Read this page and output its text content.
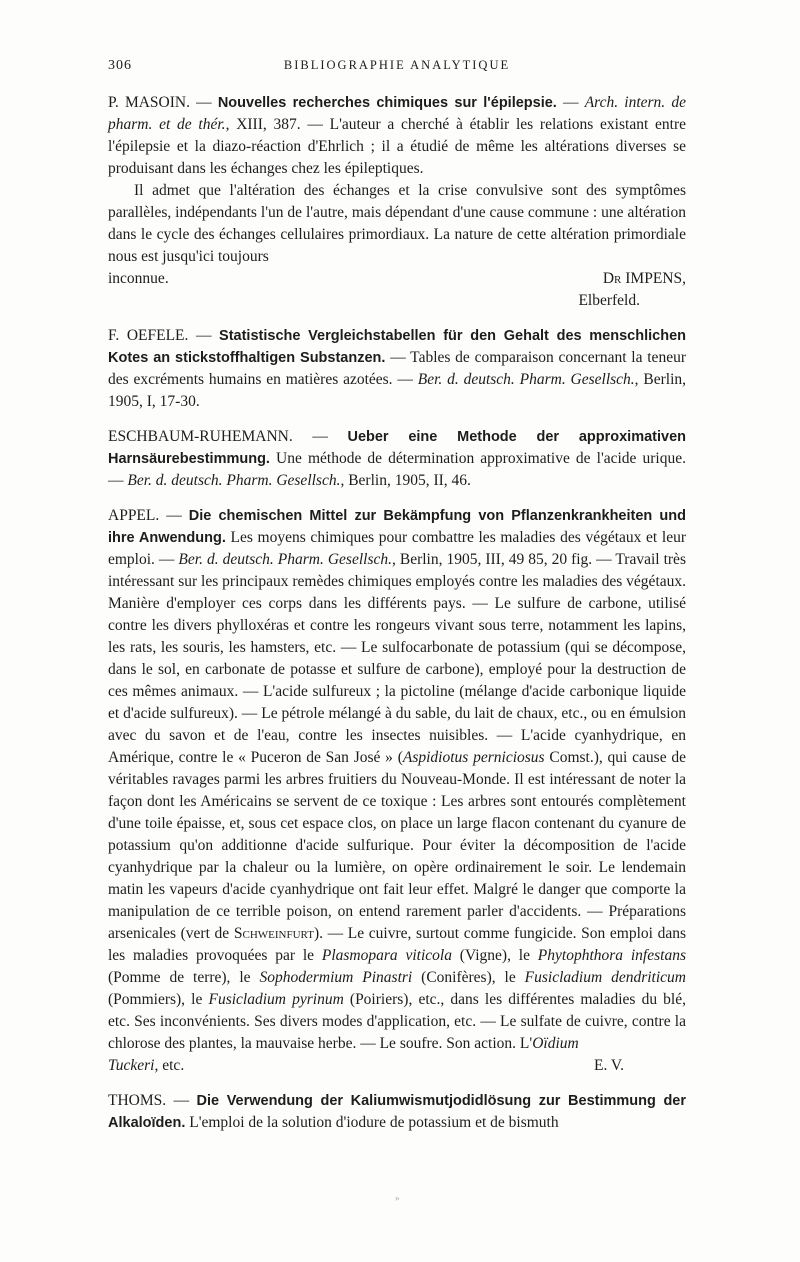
306	BIBLIOGRAPHIE ANALYTIQUE

P. MASOIN. — Nouvelles recherches chimiques sur l'épilepsie. — Arch. intern. de pharm. et de thér., XIII, 387. — L'auteur a cherché à établir les relations existant entre l'épilepsie et la diazo-réaction d'Ehrlich ; il a étudié de même les altérations diverses se produisant dans les échanges chez les épileptiques.

Il admet que l'altération des échanges et la crise convulsive sont des symptômes parallèles, indépendants l'un de l'autre, mais dépendant d'une cause commune : une altération dans le cycle des échanges cellulaires primordiaux. La nature de cette altération primordiale nous est jusqu'ici toujours

inconnue.	Dr IMPENS,
Elberfeld.

F. OEFELE. — Statistische Vergleichstabellen für den Gehalt des menschlichen Kotes an stickstoffhaltigen Substanzen. — Tables de comparaison concernant la teneur des excréments humains en matières azotées. — Ber. d. deutsch. Pharm. Gesellsch., Berlin, 1905, I, 17-30.

ESCHBAUM-RUHEMANN. — Ueber eine Methode der approximativen Harnsäurebestimmung. Une méthode de détermination approximative de l'acide urique. — Ber. d. deutsch. Pharm. Gesellsch., Berlin, 1905, II, 46.

APPEL. — Die chemischen Mittel zur Bekämpfung von Pflanzenkrankheiten und ihre Anwendung. Les moyens chimiques pour combattre les maladies des végétaux et leur emploi. — Ber. d. deutsch. Pharm. Gesellsch., Berlin, 1905, III, 49 85, 20 fig. — Travail très intéressant sur les principaux remèdes chimiques employés contre les maladies des végétaux. Manière d'employer ces corps dans les différents pays. — Le sulfure de carbone, utilisé contre les divers phylloxéras et contre les rongeurs vivant sous terre, notamment les lapins, les rats, les souris, les hamsters, etc. — Le sulfocarbonate de potassium (qui se décompose, dans le sol, en carbonate de potasse et sulfure de carbone), employé pour la destruction de ces mêmes animaux. — L'acide sulfureux ; la pictoline (mélange d'acide carbonique liquide et d'acide sulfureux). — Le pétrole mélangé à du sable, du lait de chaux, etc., ou en émulsion avec du savon et de l'eau, contre les insectes nuisibles. — L'acide cyanhydrique, en Amérique, contre le « Puceron de San José » (Aspidiotus perniciosus Comst.), qui cause de véritables ravages parmi les arbres fruitiers du Nouveau-Monde. Il est intéressant de noter la façon dont les Américains se servent de ce toxique : Les arbres sont entourés complètement d'une toile épaisse, et, sous cet espace clos, on place un large flacon contenant du cyanure de potassium qu'on additionne d'acide sulfurique. Pour éviter la décomposition de l'acide cyanhydrique par la chaleur ou la lumière, on opère ordinairement le soir. Le lendemain matin les vapeurs d'acide cyanhydrique ont fait leur effet. Malgré le danger que comporte la manipulation de ce terrible poison, on entend rarement parler d'accidents. — Préparations arsenicales (vert de Schweinfurt). — Le cuivre, surtout comme fungicide. Son emploi dans les maladies provoquées par le Plasmopara viticola (Vigne), le Phytophthora infestans (Pomme de terre), le Sophodermium Pinastri (Conifères), le Fusicladium dendriticum (Pommiers), le Fusicladium pyrinum (Poiriers), etc., dans les différentes maladies du blé, etc. Ses inconvénients. Ses divers modes d'application, etc. — Le sulfate de cuivre, contre la chlorose des plantes, la mauvaise herbe. — Le soufre. Son action. L'Oïdium

Tuckeri, etc.	E. V.

THOMS. — Die Verwendung der Kaliumwismutjodidlösung zur Bestimmung der Alkaloïden. L'emploi de la solution d'iodure de potassium et de bismuth

»
